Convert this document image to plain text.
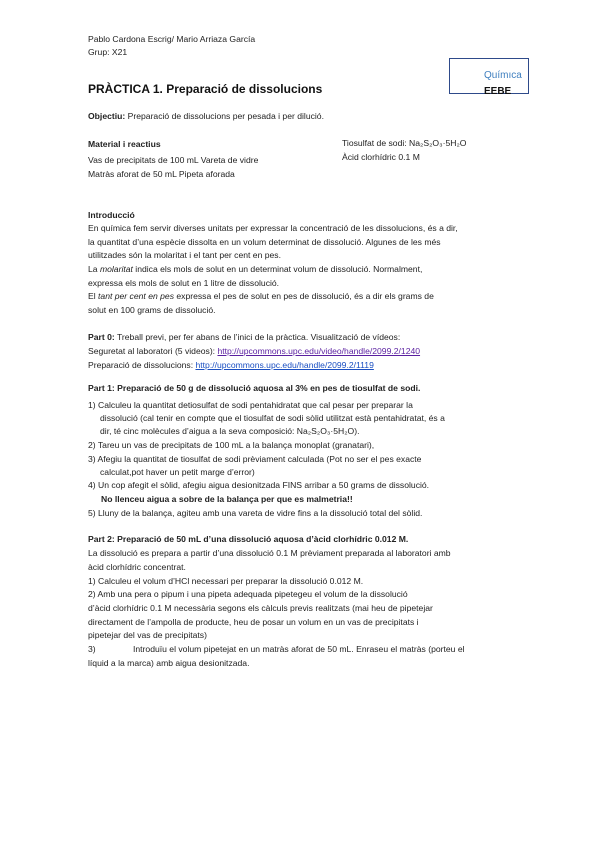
Pablo Cardona Escrig/ Mario Arriaza García
Grup: X21
Químıca
EEBE
PRÀCTICA 1. Preparació de dissolucions
Objectiu: Preparació de dissolucions per pesada i per dilució.
Material i reactius
Vas de precipitats de 100 mL Vareta de vidre
Matràs aforat de 50 mL Pipeta aforada
Tiosulfat de sodi: Na₂S₂O₃·5H₂O
Àcid clorhídric 0.1 M
Introducció
En química fem servir diverses unitats per expressar la concentració de les dissolucions, és a dir,
la quantitat d’una espècie dissolta en un volum determinat de dissolució. Algunes de les més
utilitzades són la molaritat i el tant per cent en pes.
La molaritat indica els mols de solut en un determinat volum de dissolució. Normalment,
expressa els mols de solut en 1 litre de dissolució.
El tant per cent en pes expressa el pes de solut en pes de dissolució, és a dir els grams de
solut en 100 grams de dissolució.
Part 0: Treball previ, per fer abans de l’inici de la pràctica. Visualització de vídeos:
Seguretat al laboratori (5 videos): http://upcommons.upc.edu/video/handle/2099.2/1240
Preparació de dissolucions: http://upcommons.upc.edu/handle/2099.2/1119
Part 1: Preparació de 50 g de dissolució aquosa al 3% en pes de tiosulfat de sodi.
1) Calculeu la quantitat detiosulfat de sodi pentahidratat que cal pesar per preparar la
dissolució (cal tenir en compte que el tiosulfat de sodi sòlid utilitzat està pentahidratat, és a
dir, té cinc molècules d’aigua a la seva composició: Na₂S₂O₃·5H₂O).
2) Tareu un vas de precipitats de 100 mL a la balança monoplat (granatari),
3) Afegiu la quantitat de tiosulfat de sodi prèviament calculada (Pot no ser el pes exacte
calculat,pot haver un petit marge d’error)
4) Un cop afegit el sòlid, afegiu aigua desionitzada FINS arribar a 50 grams de dissolució.
No llenceu aigua a sobre de la balança per que es malmetria!!
5) Lluny de la balança, agiteu amb una vareta de vidre fins a la dissolució total del sòlid.
Part 2: Preparació de 50 mL d’una dissolució aquosa d’àcid clorhídric 0.012 M.
La dissolució es prepara a partir d’una dissolució 0.1 M prèviament preparada al laboratori amb
àcid clorhídric concentrat.
1) Calculeu el volum d’HCl necessari per preparar la dissolució 0.012 M.
2) Amb una pera o pipum i una pipeta adequada pipetegeu el volum de la dissolució
d’àcid clorhídric 0.1 M necessària segons els càlculs previs realitzats (mai heu de pipetejar
directament de l’ampolla de producte, heu de posar un volum en un vas de precipitats i
pipetejar del vas de precipitats)
3)	Introduïu el volum pipetejat en un matràs aforat de 50 mL. Enraseu el matràs (porteu el
líquid a la marca) amb aigua desionitzada.
